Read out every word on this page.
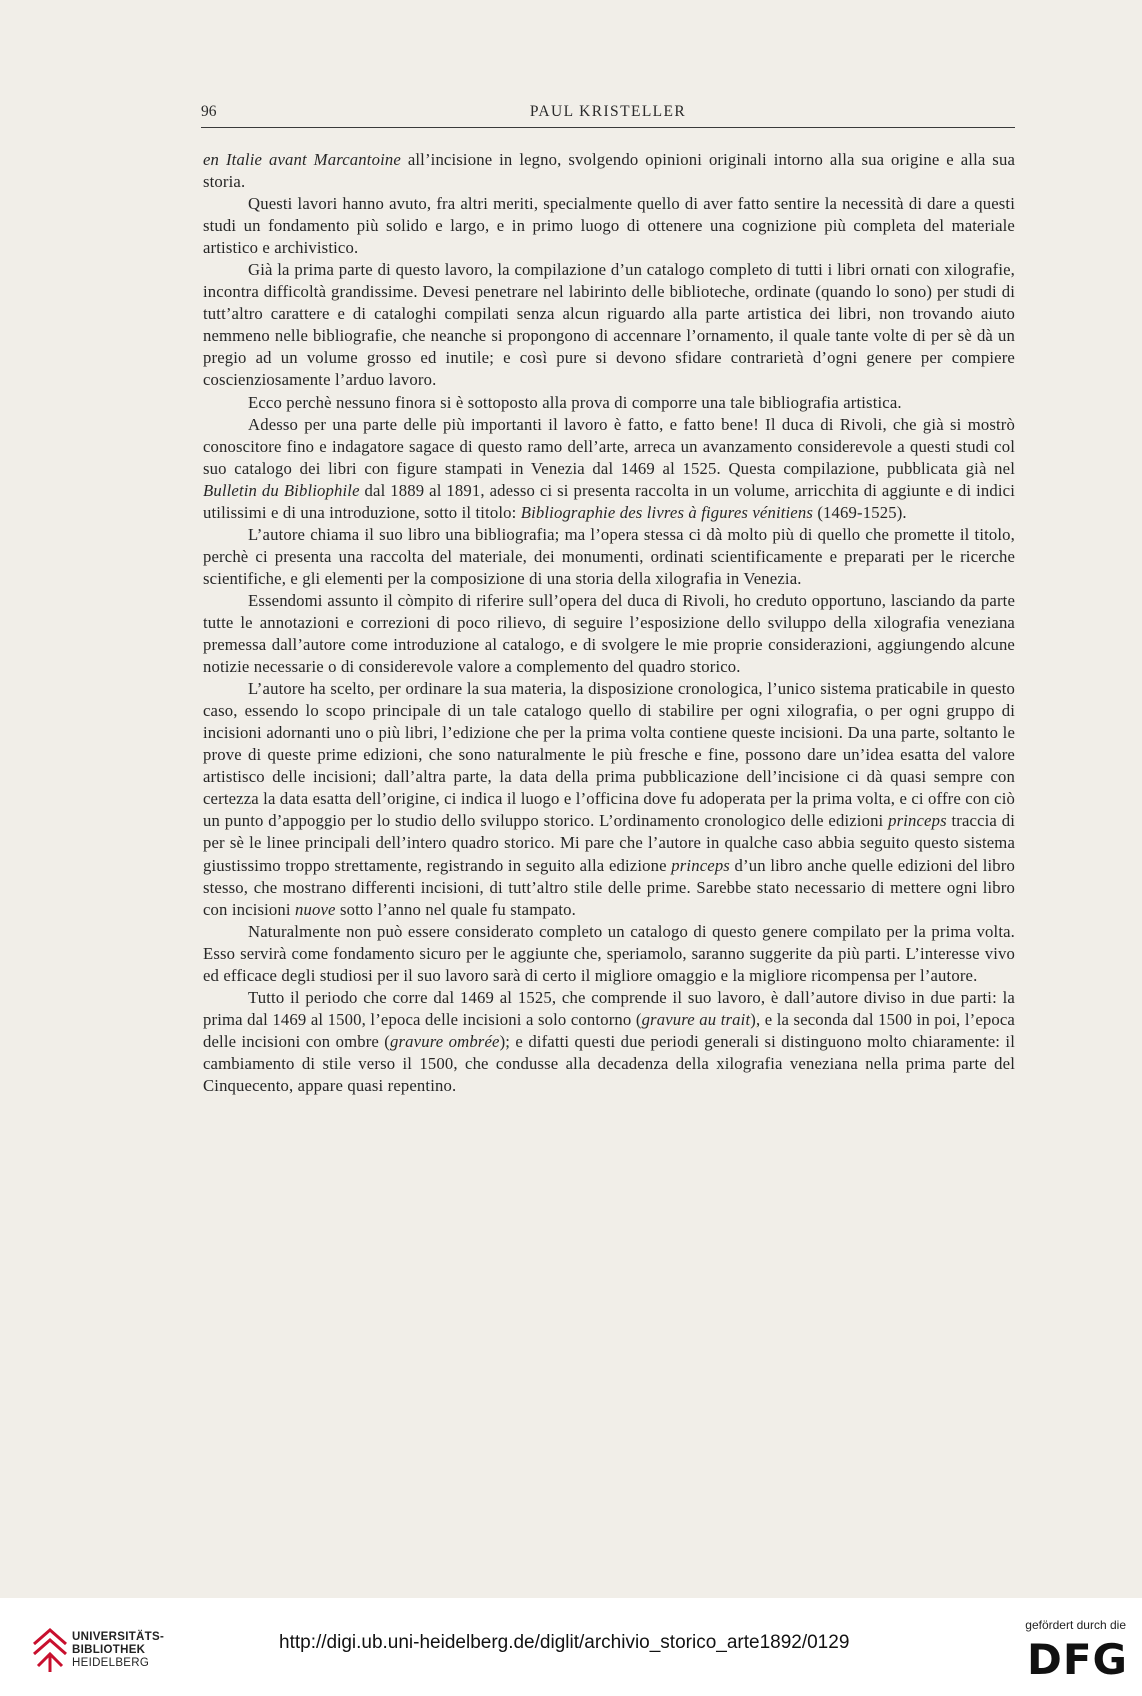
96	PAUL KRISTELLER

en Italie avant Marcantoine all’incisione in legno, svolgendo opinioni originali intorno alla sua origine e alla sua storia.

Questi lavori hanno avuto, fra altri meriti, specialmente quello di aver fatto sentire la necessità di dare a questi studi un fondamento più solido e largo, e in primo luogo di ottenere una cognizione più completa del materiale artistico e archivistico.

Già la prima parte di questo lavoro, la compilazione d’un catalogo completo di tutti i libri ornati con xilografie, incontra difficoltà grandissime. Devesi penetrare nel labirinto delle biblioteche, ordinate (quando lo sono) per studi di tutt’altro carattere e di cataloghi compilati senza alcun riguardo alla parte artistica dei libri, non trovando aiuto nemmeno nelle bibliografie, che neanche si propongono di accennare l’ornamento, il quale tante volte di per sè dà un pregio ad un volume grosso ed inutile; e così pure si devono sfidare contrarietà d’ogni genere per compiere coscienziosamente l’arduo lavoro.

Ecco perchè nessuno finora si è sottoposto alla prova di comporre una tale bibliografia artistica.

Adesso per una parte delle più importanti il lavoro è fatto, e fatto bene! Il duca di Rivoli, che già si mostrò conoscitore fino e indagatore sagace di questo ramo dell’arte, arreca un avanzamento considerevole a questi studi col suo catalogo dei libri con figure stampati in Venezia dal 1469 al 1525. Questa compilazione, pubblicata già nel Bulletin du Bibliophile dal 1889 al 1891, adesso ci si presenta raccolta in un volume, arricchita di aggiunte e di indici utilissimi e di una introduzione, sotto il titolo: Bibliographie des livres à figures vénitiens (1469-1525).

L’autore chiama il suo libro una bibliografia; ma l’opera stessa ci dà molto più di quello che promette il titolo, perchè ci presenta una raccolta del materiale, dei monumenti, ordinati scientificamente e preparati per le ricerche scientifiche, e gli elementi per la composizione di una storia della xilografia in Venezia.

Essendomi assunto il còmpito di riferire sull’opera del duca di Rivoli, ho creduto opportuno, lasciando da parte tutte le annotazioni e correzioni di poco rilievo, di seguire l’esposizione dello sviluppo della xilografia veneziana premessa dall’autore come introduzione al catalogo, e di svolgere le mie proprie considerazioni, aggiungendo alcune notizie necessarie o di considerevole valore a complemento del quadro storico.

L’autore ha scelto, per ordinare la sua materia, la disposizione cronologica, l’unico sistema praticabile in questo caso, essendo lo scopo principale di un tale catalogo quello di stabilire per ogni xilografia, o per ogni gruppo di incisioni adornanti uno o più libri, l’edizione che per la prima volta contiene queste incisioni. Da una parte, soltanto le prove di queste prime edizioni, che sono naturalmente le più fresche e fine, possono dare un’idea esatta del valore artistisco delle incisioni; dall’altra parte, la data della prima pubblicazione dell’incisione ci dà quasi sempre con certezza la data esatta dell’origine, ci indica il luogo e l’officina dove fu adoperata per la prima volta, e ci offre con ciò un punto d’appoggio per lo studio dello sviluppo storico. L’ordinamento cronologico delle edizioni princeps traccia di per sè le linee principali dell’intero quadro storico. Mi pare che l’autore in qualche caso abbia seguito questo sistema giustissimo troppo strettamente, registrando in seguito alla edizione princeps d’un libro anche quelle edizioni del libro stesso, che mostrano differenti incisioni, di tutt’altro stile delle prime. Sarebbe stato necessario di mettere ogni libro con incisioni nuove sotto l’anno nel quale fu stampato.

Naturalmente non può essere considerato completo un catalogo di questo genere compilato per la prima volta. Esso servirà come fondamento sicuro per le aggiunte che, speriamolo, saranno suggerite da più parti. L’interesse vivo ed efficace degli studiosi per il suo lavoro sarà di certo il migliore omaggio e la migliore ricompensa per l’autore.

Tutto il periodo che corre dal 1469 al 1525, che comprende il suo lavoro, è dall’autore diviso in due parti: la prima dal 1469 al 1500, l’epoca delle incisioni a solo contorno (gravure au trait), e la seconda dal 1500 in poi, l’epoca delle incisioni con ombre (gravure ombrée); e difatti questi due periodi generali si distinguono molto chiaramente: il cambiamento di stile verso il 1500, che condusse alla decadenza della xilografia veneziana nella prima parte del Cinquecento, appare quasi repentino.

UNIVERSITÄTS-
BIBLIOTHEK
HEIDELBERG
http://digi.ub.uni-heidelberg.de/diglit/archivio_storico_arte1892/0129
gefördert durch die
DFG
